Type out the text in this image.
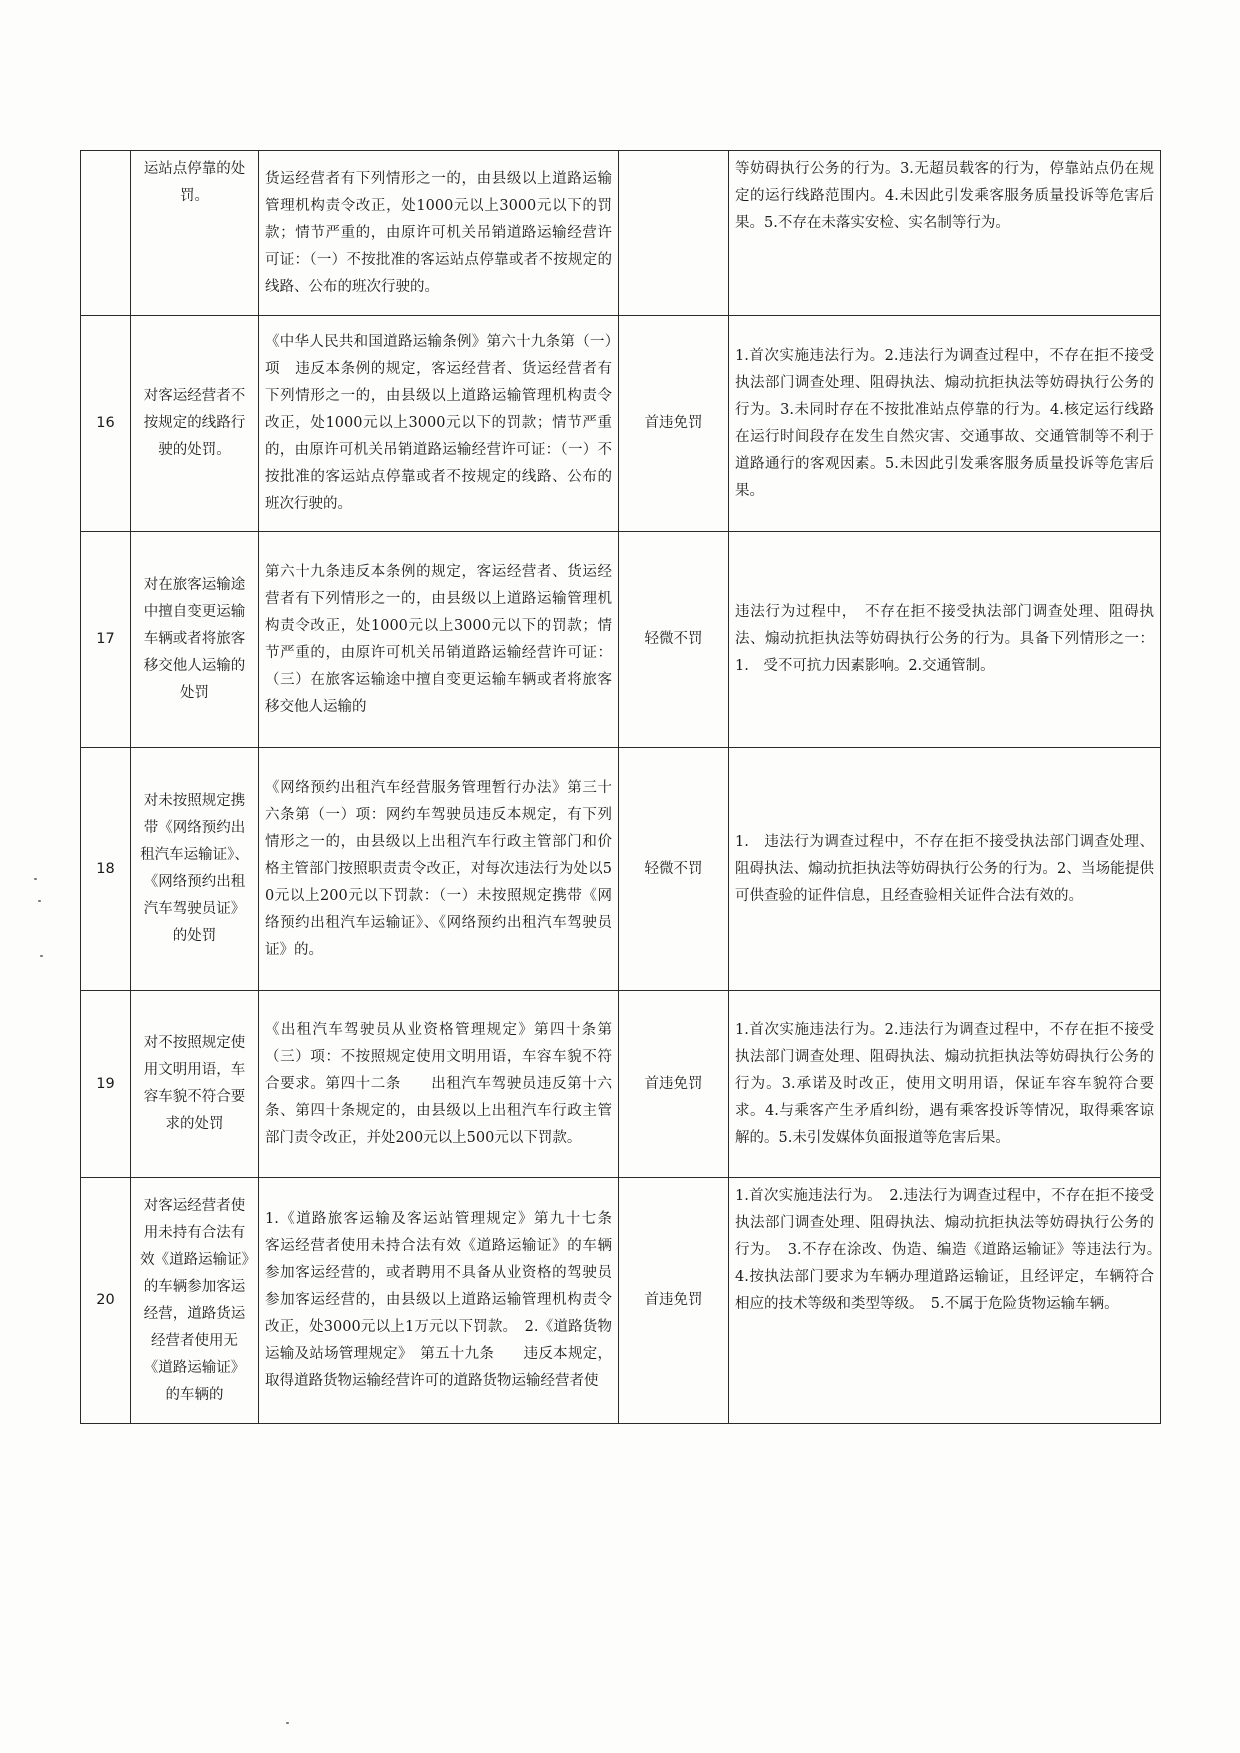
	运站点停靠的处罚。	货运经营者有下列情形之一的，由县级以上道路运输管理机构责令改正，处1000元以上3000元以下的罚款；情节严重的，由原许可机关吊销道路运输经营许可证：（一）不按批准的客运站点停靠或者不按规定的线路、公布的班次行驶的。		等妨碍执行公务的行为。3.无超员载客的行为，停靠站点仍在规定的运行线路范围内。4.未因此引发乘客服务质量投诉等危害后果。5.不存在未落实安检、实名制等行为。
16	对客运经营者不按规定的线路行驶的处罚。	《中华人民共和国道路运输条例》第六十九条第（一）项　违反本条例的规定，客运经营者、货运经营者有下列情形之一的，由县级以上道路运输管理机构责令改正，处1000元以上3000元以下的罚款；情节严重的，由原许可机关吊销道路运输经营许可证：（一）不按批准的客运站点停靠或者不按规定的线路、公布的班次行驶的。	首违免罚	1.首次实施违法行为。2.违法行为调查过程中，不存在拒不接受执法部门调查处理、阻碍执法、煽动抗拒执法等妨碍执行公务的行为。3.未同时存在不按批准站点停靠的行为。4.核定运行线路在运行时间段存在发生自然灾害、交通事故、交通管制等不利于道路通行的客观因素。5.未因此引发乘客服务质量投诉等危害后果。
17	对在旅客运输途中擅自变更运输车辆或者将旅客移交他人运输的处罚	第六十九条违反本条例的规定，客运经营者、货运经营者有下列情形之一的，由县级以上道路运输管理机构责令改正，处1000元以上3000元以下的罚款；情节严重的，由原许可机关吊销道路运输经营许可证：（三）在旅客运输途中擅自变更运输车辆或者将旅客移交他人运输的	轻微不罚	违法行为过程中，　不存在拒不接受执法部门调查处理、阻碍执法、煽动抗拒执法等妨碍执行公务的行为。具备下列情形之一：1.　受不可抗力因素影响。2.交通管制。
18	对未按照规定携带《网络预约出租汽车运输证》、《网络预约出租汽车驾驶员证》的处罚	《网络预约出租汽车经营服务管理暂行办法》第三十六条第（一）项：网约车驾驶员违反本规定，有下列情形之一的，由县级以上出租汽车行政主管部门和价格主管部门按照职责责令改正，对每次违法行为处以50元以上200元以下罚款：（一）未按照规定携带《网络预约出租汽车运输证》、《网络预约出租汽车驾驶员证》的。	轻微不罚	1.　违法行为调查过程中，不存在拒不接受执法部门调查处理、阻碍执法、煽动抗拒执法等妨碍执行公务的行为。2、当场能提供可供查验的证件信息，且经查验相关证件合法有效的。
19	对不按照规定使用文明用语，车容车貌不符合要求的处罚	《出租汽车驾驶员从业资格管理规定》第四十条第（三）项：不按照规定使用文明用语，车容车貌不符合要求。第四十二条　　出租汽车驾驶员违反第十六条、第四十条规定的，由县级以上出租汽车行政主管部门责令改正，并处200元以上500元以下罚款。	首违免罚	1.首次实施违法行为。2.违法行为调查过程中，不存在拒不接受执法部门调查处理、阻碍执法、煽动抗拒执法等妨碍执行公务的行为。3.承诺及时改正，使用文明用语，保证车容车貌符合要求。4.与乘客产生矛盾纠纷，遇有乘客投诉等情况，取得乘客谅解的。5.未引发媒体负面报道等危害后果。
20	对客运经营者使用未持有合法有效《道路运输证》的车辆参加客运经营，道路货运经营者使用无《道路运输证》的车辆的	1.《道路旅客运输及客运站管理规定》第九十七条　　客运经营者使用未持合法有效《道路运输证》的车辆参加客运经营的，或者聘用不具备从业资格的驾驶员参加客运经营的，由县级以上道路运输管理机构责令改正，处3000元以上1万元以下罚款。　2.《道路货物运输及站场管理规定》　第五十九条　　违反本规定，取得道路货物运输经营许可的道路货物运输经营者使	首违免罚	1.首次实施违法行为。　2.违法行为调查过程中，不存在拒不接受执法部门调查处理、阻碍执法、煽动抗拒执法等妨碍执行公务的行为。　3.不存在涂改、伪造、编造《道路运输证》等违法行为。　4.按执法部门要求为车辆办理道路运输证，且经评定，车辆符合相应的技术等级和类型等级。　5.不属于危险货物运输车辆。
